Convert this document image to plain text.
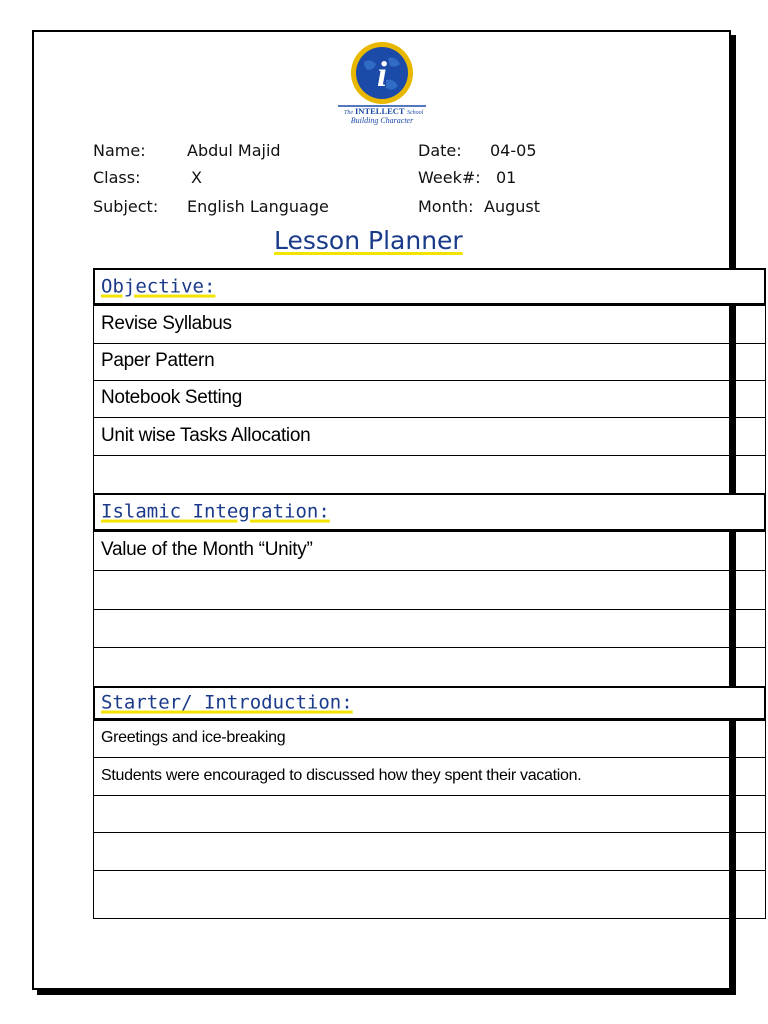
i
The INTELLECT School
Building Character
Name:	Abdul Majid
Class:	X
Subject: English Language
Date: 04-05
Week#: 01
Month: August
Lesson Planner
Objective:
Revise Syllabus
Paper Pattern
Notebook Setting
Unit wise Tasks Allocation
Islamic Integration:
Value of the Month “Unity”
Starter/ Introduction:
Greetings and ice-breaking
Students were encouraged to discussed how they spent their vacation.
